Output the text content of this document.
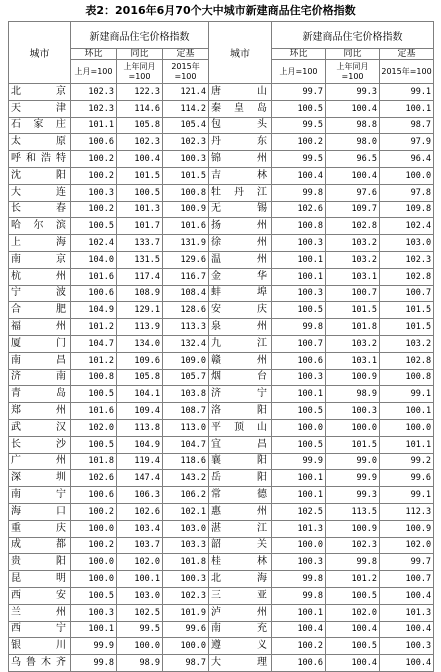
表2：2016年6月70个大中城市新建商品住宅价格指数
城市	新建商品住宅价格指数			城市	新建商品住宅价格指数		
	环比	同比	定基		环比	同比	定基
	上月=100	上年同月=100	2015年=100		上月=100	上年同月=100	2015年=100
北京	102.3	122.3	121.4	唐山	99.7	99.3	99.1
天津	102.3	114.6	114.2	秦皇岛	100.5	100.4	100.1
石家庄	101.1	105.8	105.4	包头	99.5	98.8	98.7
太原	100.6	102.3	102.3	丹东	100.2	98.0	97.9
呼和浩特	100.2	100.4	100.3	锦州	99.5	96.5	96.4
沈阳	100.2	101.5	101.5	吉林	100.4	100.4	100.0
大连	100.3	100.5	100.8	牡丹江	99.8	97.6	97.8
长春	100.2	101.3	100.9	无锡	102.6	109.7	109.8
哈尔滨	100.5	101.7	101.6	扬州	100.8	102.8	102.4
上海	102.4	133.7	131.9	徐州	100.3	103.2	103.0
南京	104.0	131.5	129.6	温州	100.1	103.2	102.3
杭州	101.6	117.4	116.7	金华	100.1	103.1	102.8
宁波	100.6	108.9	108.4	蚌埠	100.3	100.7	100.7
合肥	104.9	129.1	128.6	安庆	100.5	101.5	101.5
福州	101.2	113.9	113.3	泉州	99.8	101.8	101.5
厦门	104.7	134.0	132.4	九江	100.7	103.2	103.2
南昌	101.2	109.6	109.0	赣州	100.6	103.1	102.8
济南	100.8	105.8	105.7	烟台	100.3	100.9	100.8
青岛	100.5	104.1	103.8	济宁	100.1	98.9	99.1
郑州	101.6	109.4	108.7	洛阳	100.5	100.3	100.1
武汉	102.0	113.8	113.0	平顶山	100.0	100.0	100.0
长沙	100.5	104.9	104.7	宜昌	100.5	101.5	101.1
广州	101.8	119.4	118.6	襄阳	99.9	99.0	99.2
深圳	102.6	147.4	143.2	岳阳	100.1	99.9	99.6
南宁	100.6	106.3	106.2	常德	100.1	99.3	99.1
海口	100.2	102.6	102.1	惠州	102.5	113.5	112.3
重庆	100.0	103.4	103.0	湛江	101.3	100.9	100.9
成都	100.2	103.7	103.3	韶关	100.0	102.3	102.0
贵阳	100.0	102.0	101.8	桂林	100.3	99.8	99.7
昆明	100.0	100.1	100.3	北海	99.8	101.2	100.7
西安	100.5	103.0	102.3	三亚	99.8	100.5	100.4
兰州	100.3	102.5	101.9	泸州	100.1	102.0	101.3
西宁	100.1	99.5	99.6	南充	100.4	100.4	100.4
银川	99.9	100.0	100.0	遵义	100.2	100.5	100.3
乌鲁木齐	99.8	98.9	98.7	大理	100.6	100.4	100.4
